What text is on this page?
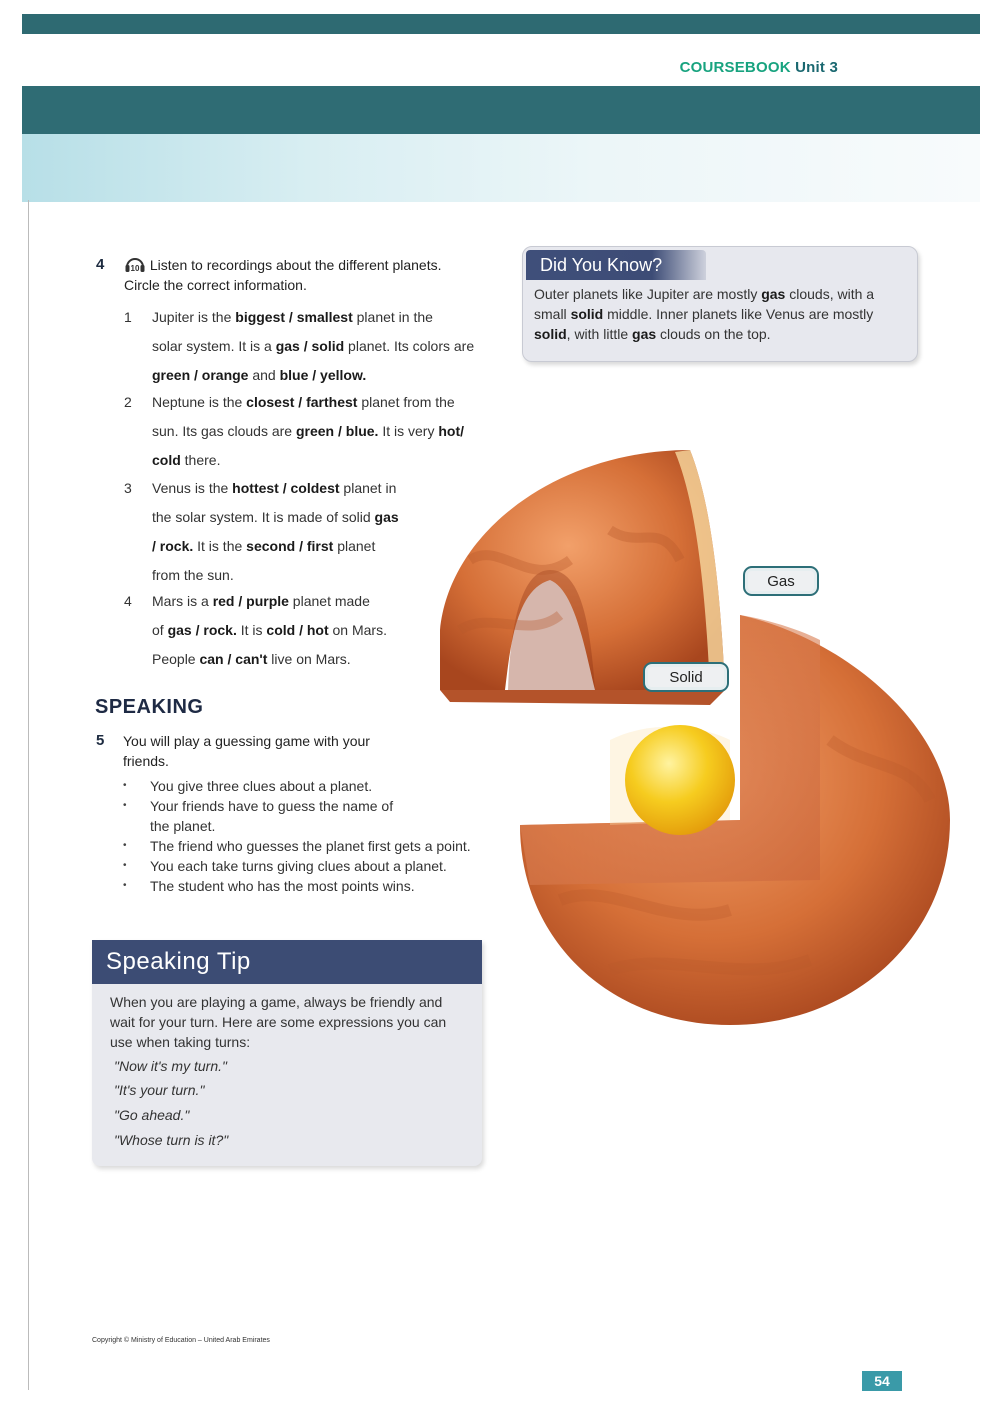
COURSEBOOK Unit 3
4	10 Listen to recordings about the different planets.
Circle the correct information.
1 Jupiter is the biggest / smallest planet in the
solar system. It is a gas / solid planet. Its colors are
green / orange and blue / yellow.
2 Neptune is the closest / farthest planet from the
sun. Its gas clouds are green / blue. It is very hot/
cold there.
3 Venus is the hottest / coldest planet in
the solar system. It is made of solid gas
/ rock. It is the second / first planet
from the sun.
4 Mars is a red / purple planet made
of gas / rock. It is cold / hot on Mars.
People can / can't live on Mars.
Did You Know?
Outer planets like Jupiter are mostly gas clouds, with a
small solid middle. Inner planets like Venus are mostly
solid, with little gas clouds on the top.
Gas
Solid
SPEAKING
5 You will play a guessing game with your
friends.
• You give three clues about a planet.
• Your friends have to guess the name of the planet.
• The friend who guesses the planet first gets a point.
• You each take turns giving clues about a planet.
• The student who has the most points wins.
Speaking Tip
When you are playing a game, always be friendly and wait for your turn. Here are some expressions you can use when taking turns:
"Now it's my turn."
"It's your turn."
"Go ahead."
"Whose turn is it?"
Copyright © Ministry of Education – United Arab Emirates
54
